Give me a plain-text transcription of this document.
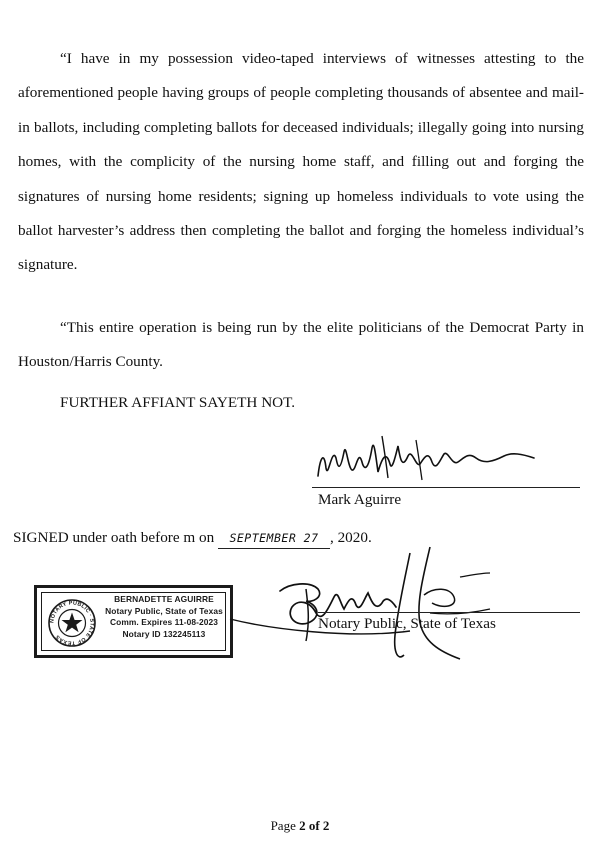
“I have in my possession video-taped interviews of witnesses attesting to the aforementioned people having groups of people completing thousands of absentee and mail-in ballots, including completing ballots for deceased individuals; illegally going into nursing homes, with the complicity of the nursing home staff, and filling out and forging the signatures of nursing home residents; signing up homeless individuals to vote using the ballot harvester’s address then completing the ballot and forging the homeless individual’s signature.

“This entire operation is being run by the elite politicians of the Democrat Party in Houston/Harris County.

FURTHER AFFIANT SAYETH NOT.
Mark Aguirre
SIGNED under oath before m on SEPTEMBER 27 , 2020.
NOTARY PUBLIC · STATE OF TEXAS
BERNADETTE AGUIRRE
Notary Public, State of Texas
Comm. Expires 11-08-2023
Notary ID 132245113
Notary Public, State of Texas
Page 2 of 2
